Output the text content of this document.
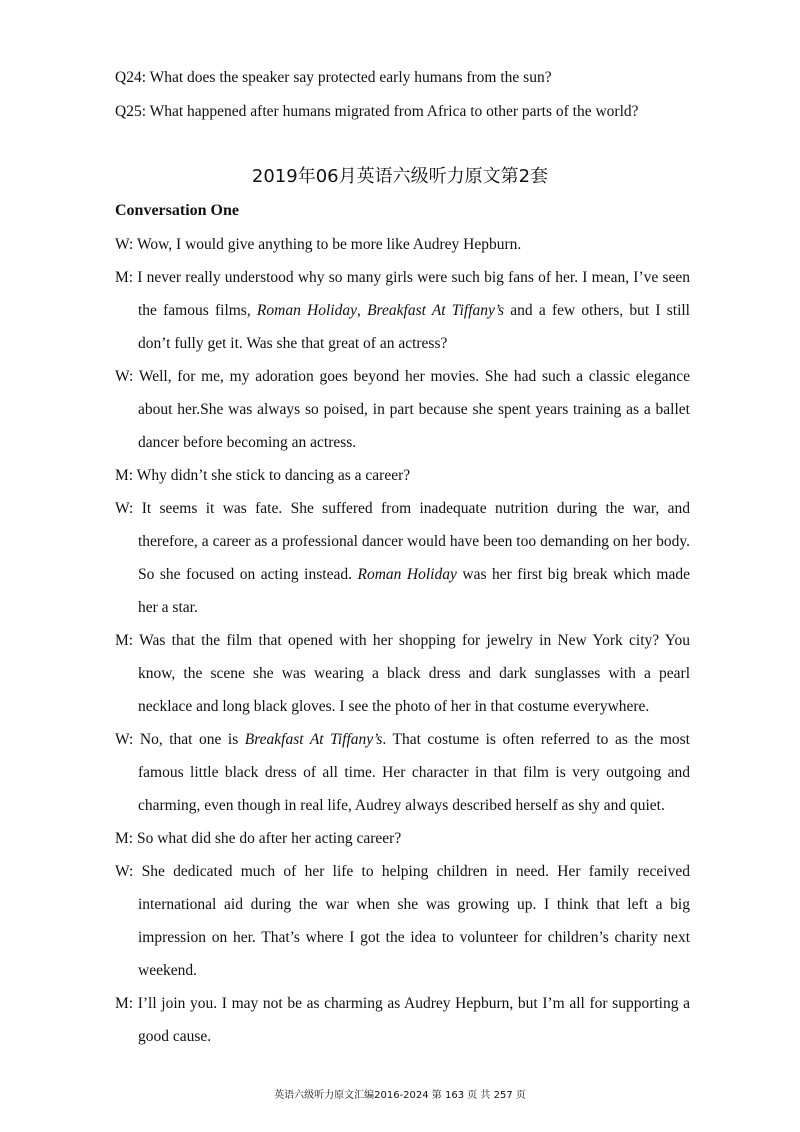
Q24: What does the speaker say protected early humans from the sun?
Q25: What happened after humans migrated from Africa to other parts of the world?
2019年06月英语六级听力原文第2套
Conversation One
W: Wow, I would give anything to be more like Audrey Hepburn.
M: I never really understood why so many girls were such big fans of her. I mean, I’ve seen
the famous films, Roman Holiday, Breakfast At Tiffany’s and a few others, but I still
don’t fully get it. Was she that great of an actress?
W: Well, for me, my adoration goes beyond her movies. She had such a classic elegance
about her.She was always so poised, in part because she spent years training as a ballet
dancer before becoming an actress.
M: Why didn’t she stick to dancing as a career?
W: It seems it was fate. She suffered from inadequate nutrition during the war, and
therefore, a career as a professional dancer would have been too demanding on her body.
So she focused on acting instead. Roman Holiday was her first big break which made
her a star.
M: Was that the film that opened with her shopping for jewelry in New York city? You
know, the scene she was wearing a black dress and dark sunglasses with a pearl
necklace and long black gloves. I see the photo of her in that costume everywhere.
W: No, that one is Breakfast At Tiffany’s. That costume is often referred to as the most
famous little black dress of all time. Her character in that film is very outgoing and
charming, even though in real life, Audrey always described herself as shy and quiet.
M: So what did she do after her acting career?
W: She dedicated much of her life to helping children in need. Her family received
international aid during the war when she was growing up. I think that left a big
impression on her. That’s where I got the idea to volunteer for children’s charity next
weekend.
M: I’ll join you. I may not be as charming as Audrey Hepburn, but I’m all for supporting a
good cause.
英语六级听力原文汇编2016-2024 第 163 页 共 257 页
